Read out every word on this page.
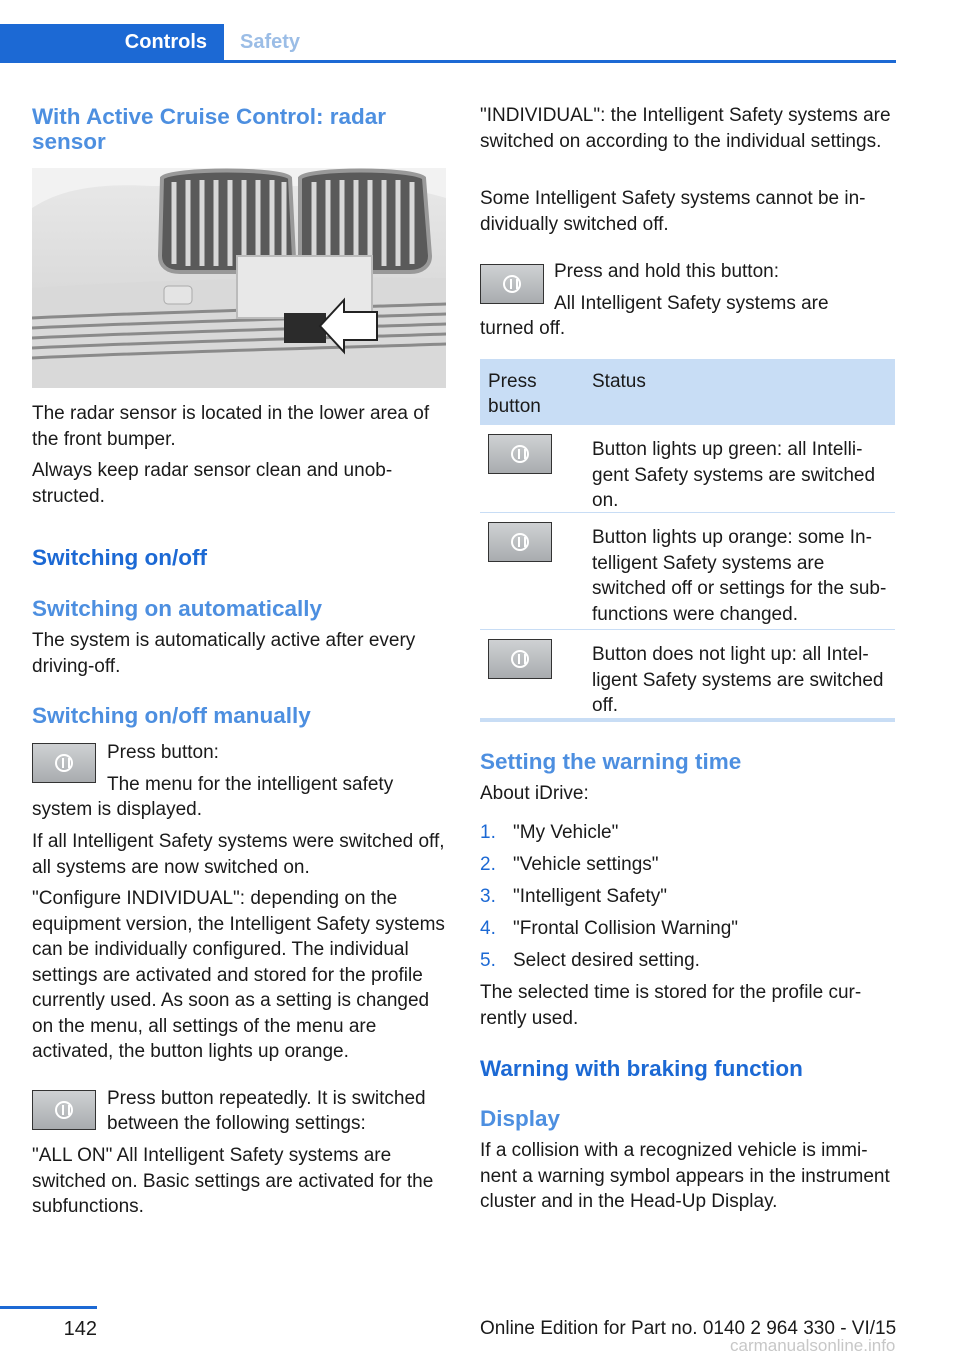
Controls	Safety
With Active Cruise Control: radar sensor

The radar sensor is located in the lower area of the front bumper.

Always keep radar sensor clean and unobstructed.

Switching on/off
Switching on automatically

The system is automatically active after every driving-off.

Switching on/off manually

Press button:

The menu for the intelligent safety

system is displayed.

If all Intelligent Safety systems were switched off, all systems are now switched on.

"Configure INDIVIDUAL": depending on the equipment version, the Intelligent Safety systems can be individually configured. The individual settings are activated and stored for the profile currently used. As soon as a setting is changed on the menu, all settings of the menu are activated, the button lights up orange.

Press button repeatedly. It is switched

between the following settings:

"ALL ON" All Intelligent Safety systems are switched on. Basic settings are activated for the subfunctions.

"INDIVIDUAL": the Intelligent Safety systems are switched on according to the individual settings.

Some Intelligent Safety systems cannot be individually switched off.

Press and hold this button:

All Intelligent Safety systems are

turned off.

Press button
Status
Button lights up green: all Intelligent Safety systems are switched on.
Button lights up orange: some Intelligent Safety systems are switched off or settings for the sub-functions were changed.
Button does not light up: all Intelligent Safety systems are switched off.
Setting the warning time

About iDrive:

1. "My Vehicle"
2. "Vehicle settings"
3. "Intelligent Safety"
4. "Frontal Collision Warning"
5. Select desired setting.

The selected time is stored for the profile currently used.

Warning with braking function
Display

If a collision with a recognized vehicle is imminent a warning symbol appears in the instrument cluster and in the Head-Up Display.

142	Online Edition for Part no. 0140 2 964 330 - VI/15
carmanualsonline.info
